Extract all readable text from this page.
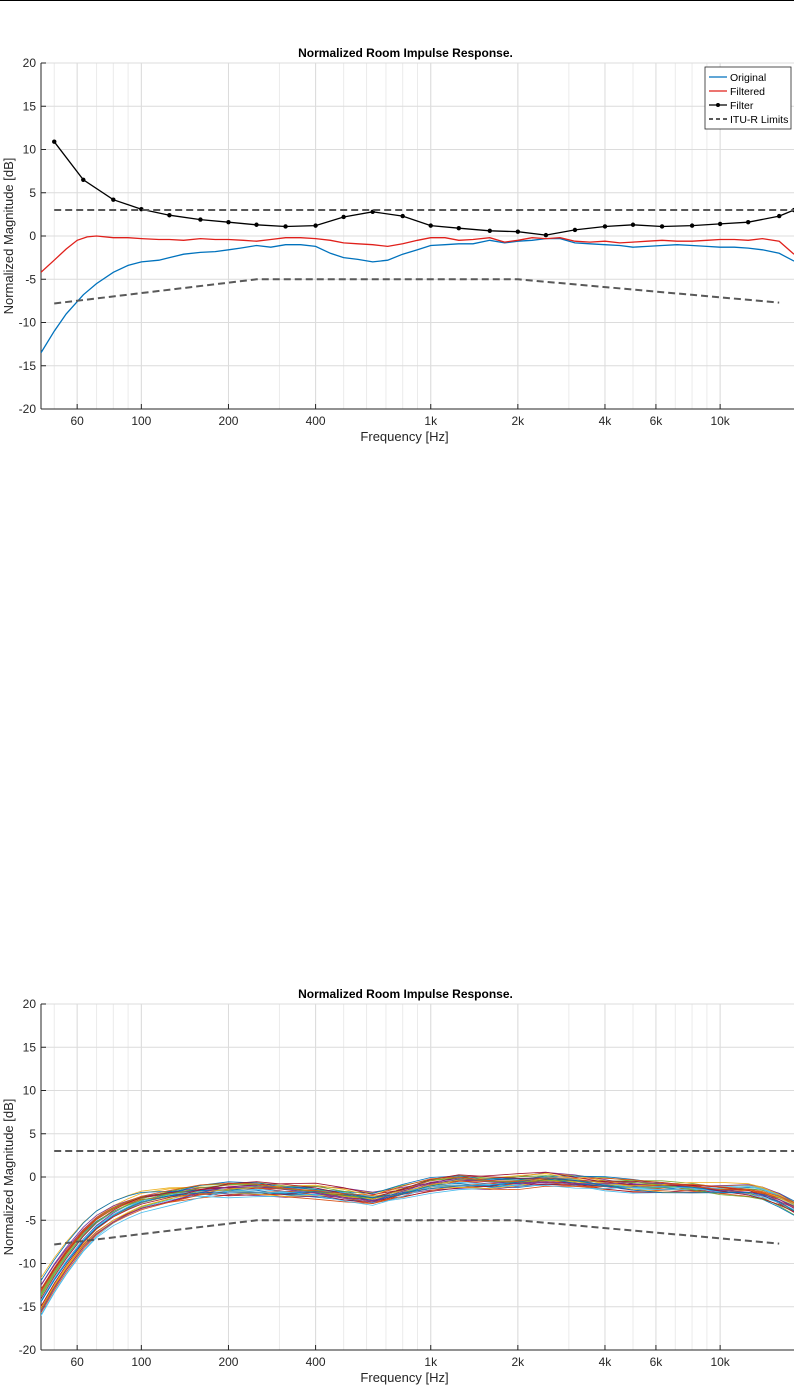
60	100	200	400	1k	2k	4k	6k	10k
-20
-15
-10
-5
0
5
10
15
20
Normalized Room Impulse Response.
Frequency [Hz]
Normalized Magnitude [dB]
Original
Filtered
Filter
ITU-R Limits
60	100	200	400	1k	2k	4k	6k	10k
-20
-15
-10
-5
0
5
10
15
20
Normalized Room Impulse Response.
Frequency [Hz]
Normalized Magnitude [dB]
